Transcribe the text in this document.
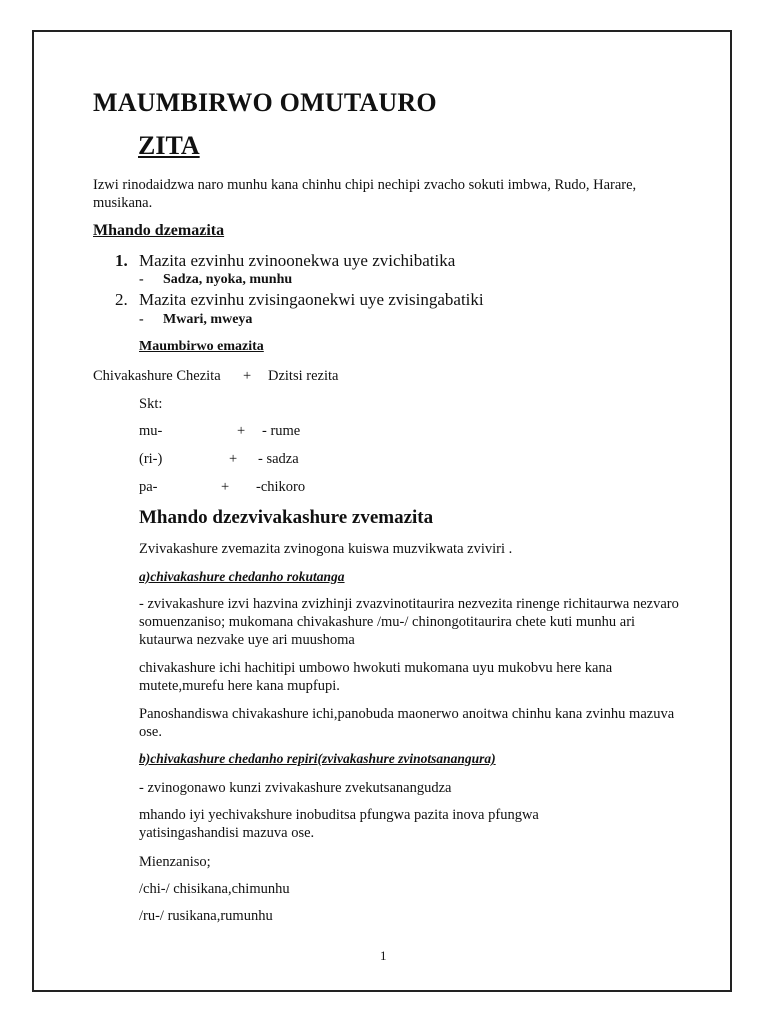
MAUMBIRWO OMUTAURO
ZITA
Izwi rinodaidzwa naro munhu kana chinhu chipi nechipi zvacho sokuti imbwa, Rudo, Harare, musikana.
Mhando dzemazita
1. Mazita ezvinhu zvinoonekwa uye zvichibatika
- Sadza, nyoka, munhu
2. Mazita ezvinhu zvisingaonekwi uye zvisingabatiki
- Mwari, mweya
Maumbirwo emazita
Chivakashure Chezita + Dzitsi rezita
Skt:
mu-	+ - rume
(ri-)	+ - sadza
pa-	+ -chikoro
Mhando dzezvivakashure zvemazita
Zvivakashure zvemazita zvinogona kuiswa muzvikwata zviviri .
a)chivakashure chedanho rokutanga
- zvivakashure izvi hazvina zvizhinji zvazvinotitaurira nezvezita rinenge richitaurwa nezvaro somuenzaniso; mukomana chivakashure /mu-/ chinongotitaurira chete kuti munhu ari kutaurwa nezvake uye ari muushoma
chivakashure ichi hachitipi umbowo hwokuti mukomana uyu mukobvu here kana mutete,murefu here kana mupfupi.
Panoshandiswa chivakashure ichi,panobuda maonerwo anoitwa chinhu kana zvinhu mazuva ose.
b)chivakashure chedanho repiri(zvivakashure zvinotsanangura)
- zvinogonawo kunzi zvivakashure zvekutsanangudza
mhando iyi yechivakshure inobuditsa pfungwa pazita inova pfungwa yatisingashandisi mazuva ose.
Mienzaniso;
/chi-/ chisikana,chimunhu
/ru-/ rusikana,rumunhu
1
